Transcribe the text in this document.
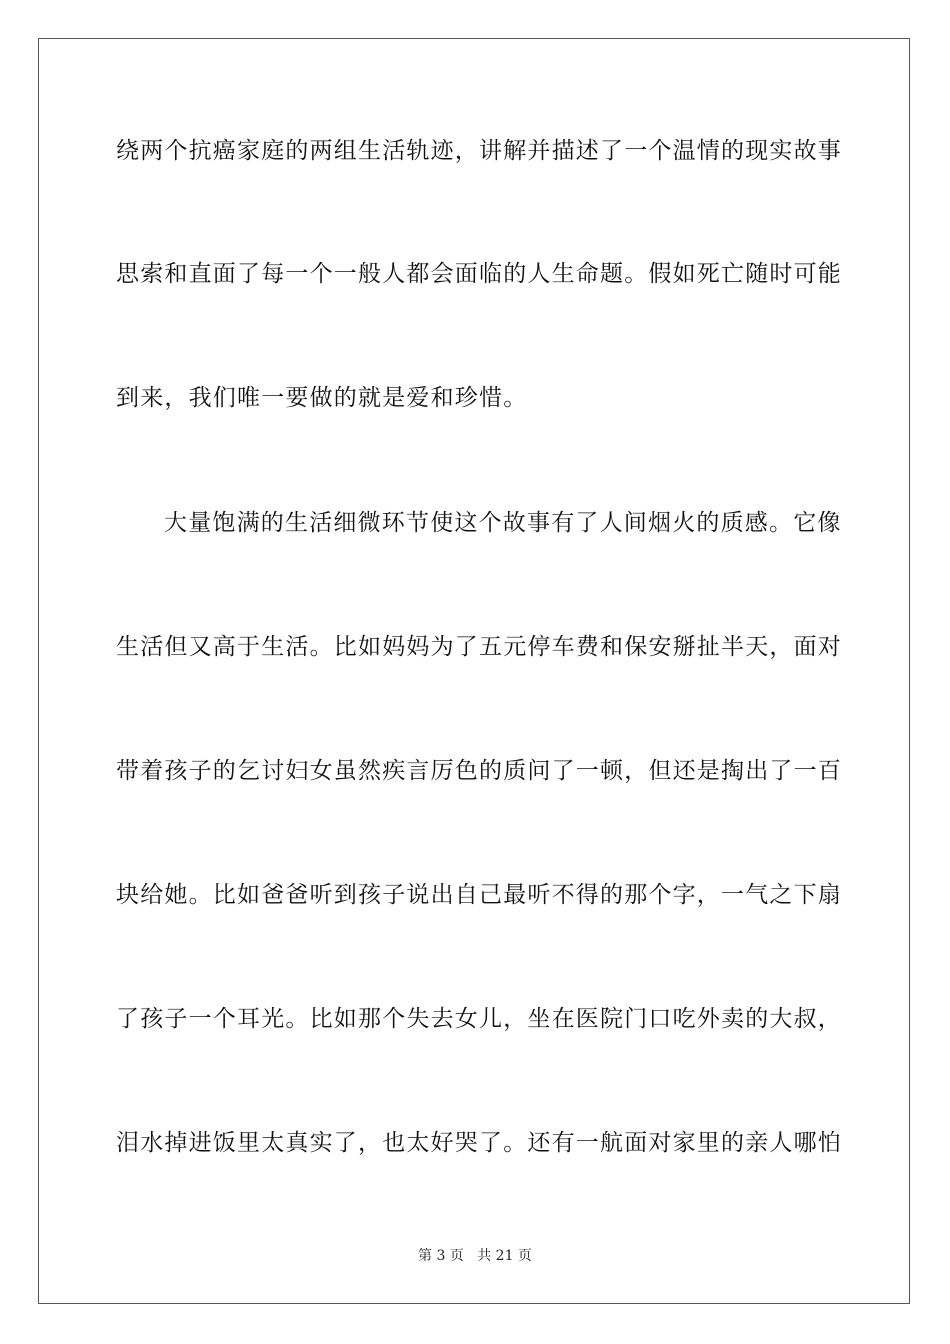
绕两个抗癌家庭的两组生活轨迹，讲解并描述了一个温情的现实故事
思索和直面了每一个一般人都会面临的人生命题。假如死亡随时可能
到来，我们唯一要做的就是爱和珍惜。
大量饱满的生活细微环节使这个故事有了人间烟火的质感。它像
生活但又高于生活。比如妈妈为了五元停车费和保安掰扯半天，面对
带着孩子的乞讨妇女虽然疾言厉色的质问了一顿，但还是掏出了一百
块给她。比如爸爸听到孩子说出自己最听不得的那个字，一气之下扇
了孩子一个耳光。比如那个失去女儿，坐在医院门口吃外卖的大叔，
泪水掉进饭里太真实了，也太好哭了。还有一航面对家里的亲人哪怕
第 3 页 共 21 页
